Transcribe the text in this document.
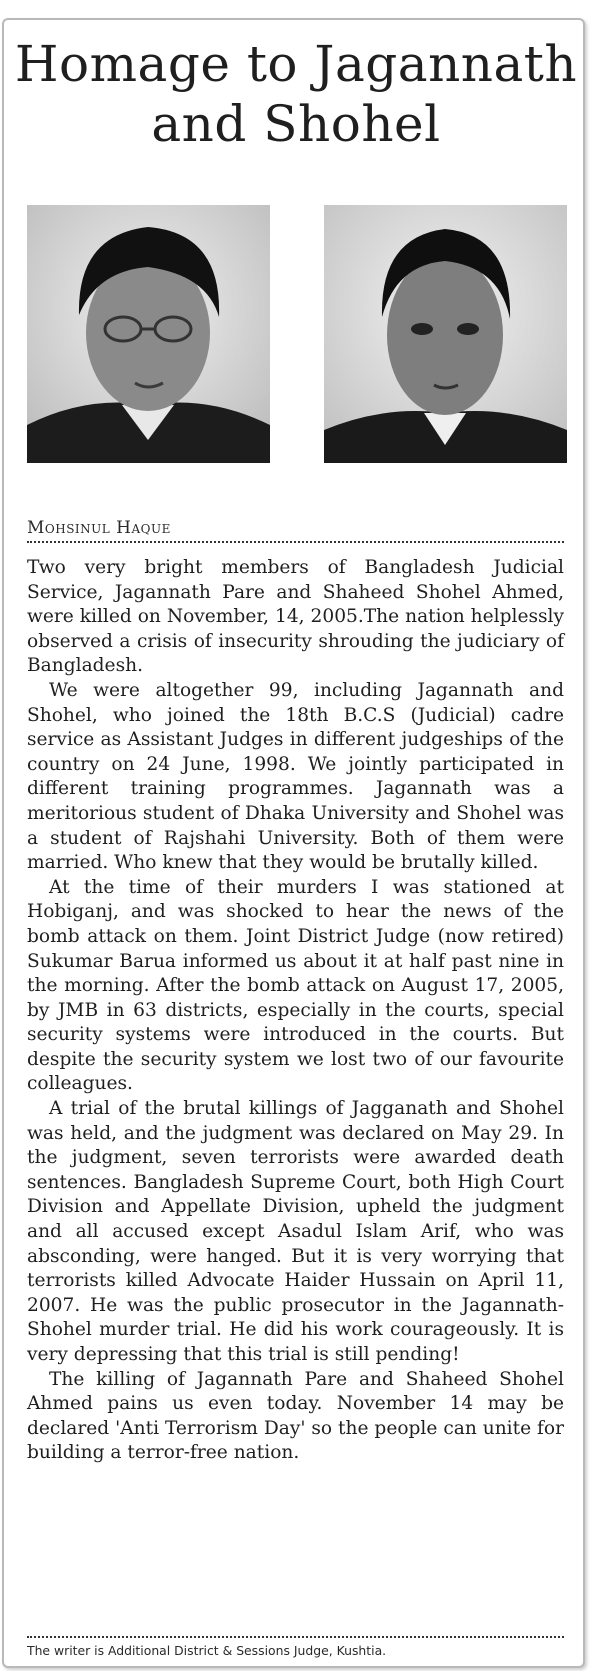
Homage to Jagannath and Shohel
Mohsinul Haque

Two very bright members of Bangladesh Judicial Service, Jagannath Pare and Shaheed Shohel Ahmed, were killed on November, 14, 2005.The nation helplessly observed a crisis of insecurity shrouding the judiciary of Bangladesh.

We were altogether 99, including Jagannath and Shohel, who joined the 18th B.C.S (Judicial) cadre service as Assistant Judges in different judgeships of the country on 24 June, 1998. We jointly participated in different training programmes. Jagannath was a meritorious student of Dhaka University and Shohel was a student of Rajshahi University. Both of them were married. Who knew that they would be brutally killed.

At the time of their murders I was stationed at Hobiganj, and was shocked to hear the news of the bomb attack on them. Joint District Judge (now retired) Sukumar Barua informed us about it at half past nine in the morning. After the bomb attack on August 17, 2005, by JMB in 63 districts, especially in the courts, special security systems were introduced in the courts. But despite the security system we lost two of our favourite colleagues.

A trial of the brutal killings of Jagganath and Shohel was held, and the judgment was declared on May 29. In the judgment, seven terrorists were awarded death sentences. Bangladesh Supreme Court, both High Court Division and Appellate Division, upheld the judgment and all accused except Asadul Islam Arif, who was absconding, were hanged. But it is very worrying that terrorists killed Advocate Haider Hussain on April 11, 2007. He was the public prosecutor in the Jagannath-Shohel murder trial. He did his work courageously. It is very depressing that this trial is still pending!

The killing of Jagannath Pare and Shaheed Shohel Ahmed pains us even today. November 14 may be declared 'Anti Terrorism Day' so the people can unite for building a terror-free nation.

The writer is Additional District & Sessions Judge, Kushtia.
